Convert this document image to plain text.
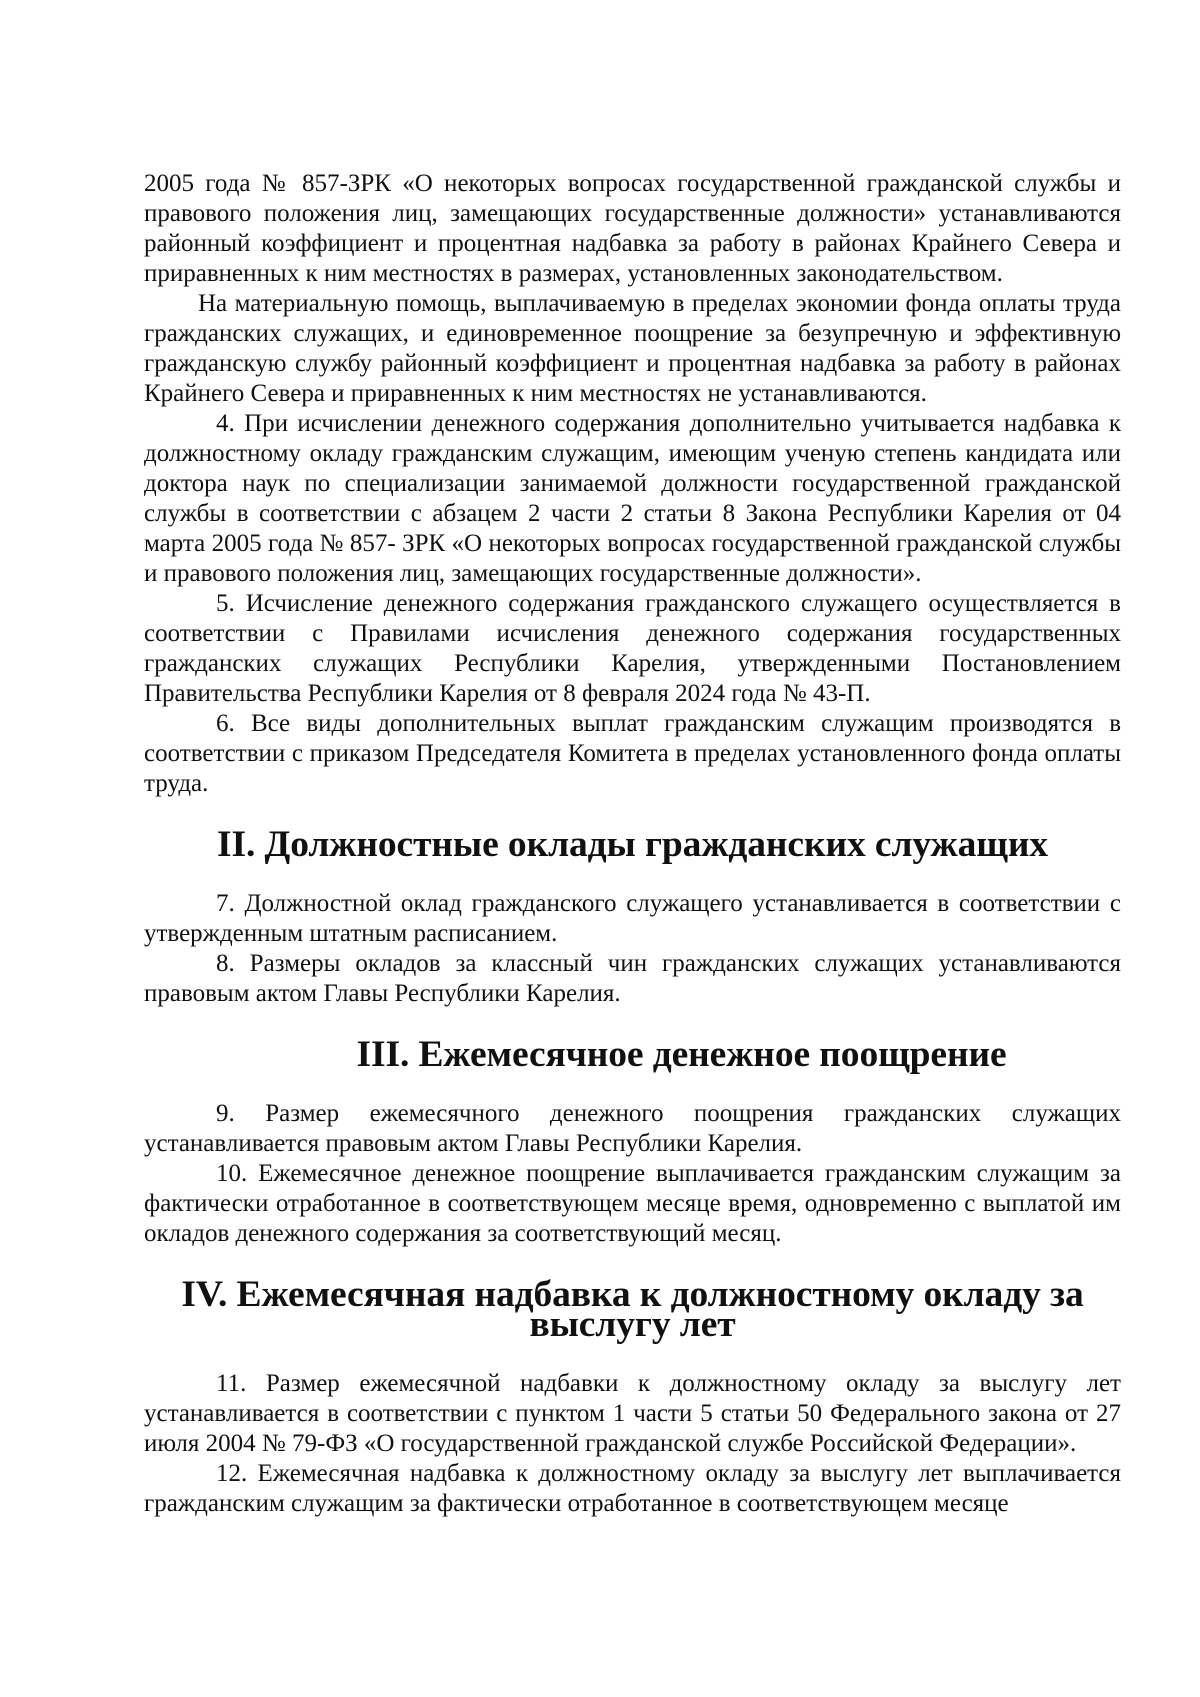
2005 года № 857-ЗРК «О некоторых вопросах государственной гражданской службы и правового положения лиц, замещающих государственные должности» устанавливаются районный коэффициент и процентная надбавка за работу в районах Крайнего Севера и приравненных к ним местностях в размерах, установленных законодательством.

На материальную помощь, выплачиваемую в пределах экономии фонда оплаты труда гражданских служащих, и единовременное поощрение за безупречную и эффективную гражданскую службу районный коэффициент и процентная надбавка за работу в районах Крайнего Севера и приравненных к ним местностях не устанавливаются.

4. При исчислении денежного содержания дополнительно учитывается надбавка к должностному окладу гражданским служащим, имеющим ученую степень кандидата или доктора наук по специализации занимаемой должности государственной гражданской службы в соответствии с абзацем 2 части 2 статьи 8 Закона Республики Карелия от 04 марта 2005 года № 857- ЗРК «О некоторых вопросах государственной гражданской службы и правового положения лиц, замещающих государственные должности».

5. Исчисление денежного содержания гражданского служащего осуществляется в соответствии с Правилами исчисления денежного содержания государственных гражданских служащих Республики Карелия, утвержденными Постановлением Правительства Республики Карелия от 8 февраля 2024 года № 43-П.

6. Все виды дополнительных выплат гражданским служащим производятся в соответствии с приказом Председателя Комитета в пределах установленного фонда оплаты труда.

II. Должностные оклады гражданских служащих

7. Должностной оклад гражданского служащего устанавливается в соответствии с утвержденным штатным расписанием.

8. Размеры окладов за классный чин гражданских служащих устанавливаются правовым актом Главы Республики Карелия.

III. Ежемесячное денежное поощрение

9. Размер ежемесячного денежного поощрения гражданских служащих устанавливается правовым актом Главы Республики Карелия.

10. Ежемесячное денежное поощрение выплачивается гражданским служащим за фактически отработанное в соответствующем месяце время, одновременно с выплатой им окладов денежного содержания за соответствующий месяц.

IV. Ежемесячная надбавка к должностному окладу за выслугу лет

11. Размер ежемесячной надбавки к должностному окладу за выслугу лет устанавливается в соответствии с пунктом 1 части 5 статьи 50 Федерального закона от 27 июля 2004 № 79-ФЗ «О государственной гражданской службе Российской Федерации».

12. Ежемесячная надбавка к должностному окладу за выслугу лет выплачивается гражданским служащим за фактически отработанное в соответствующем месяце
